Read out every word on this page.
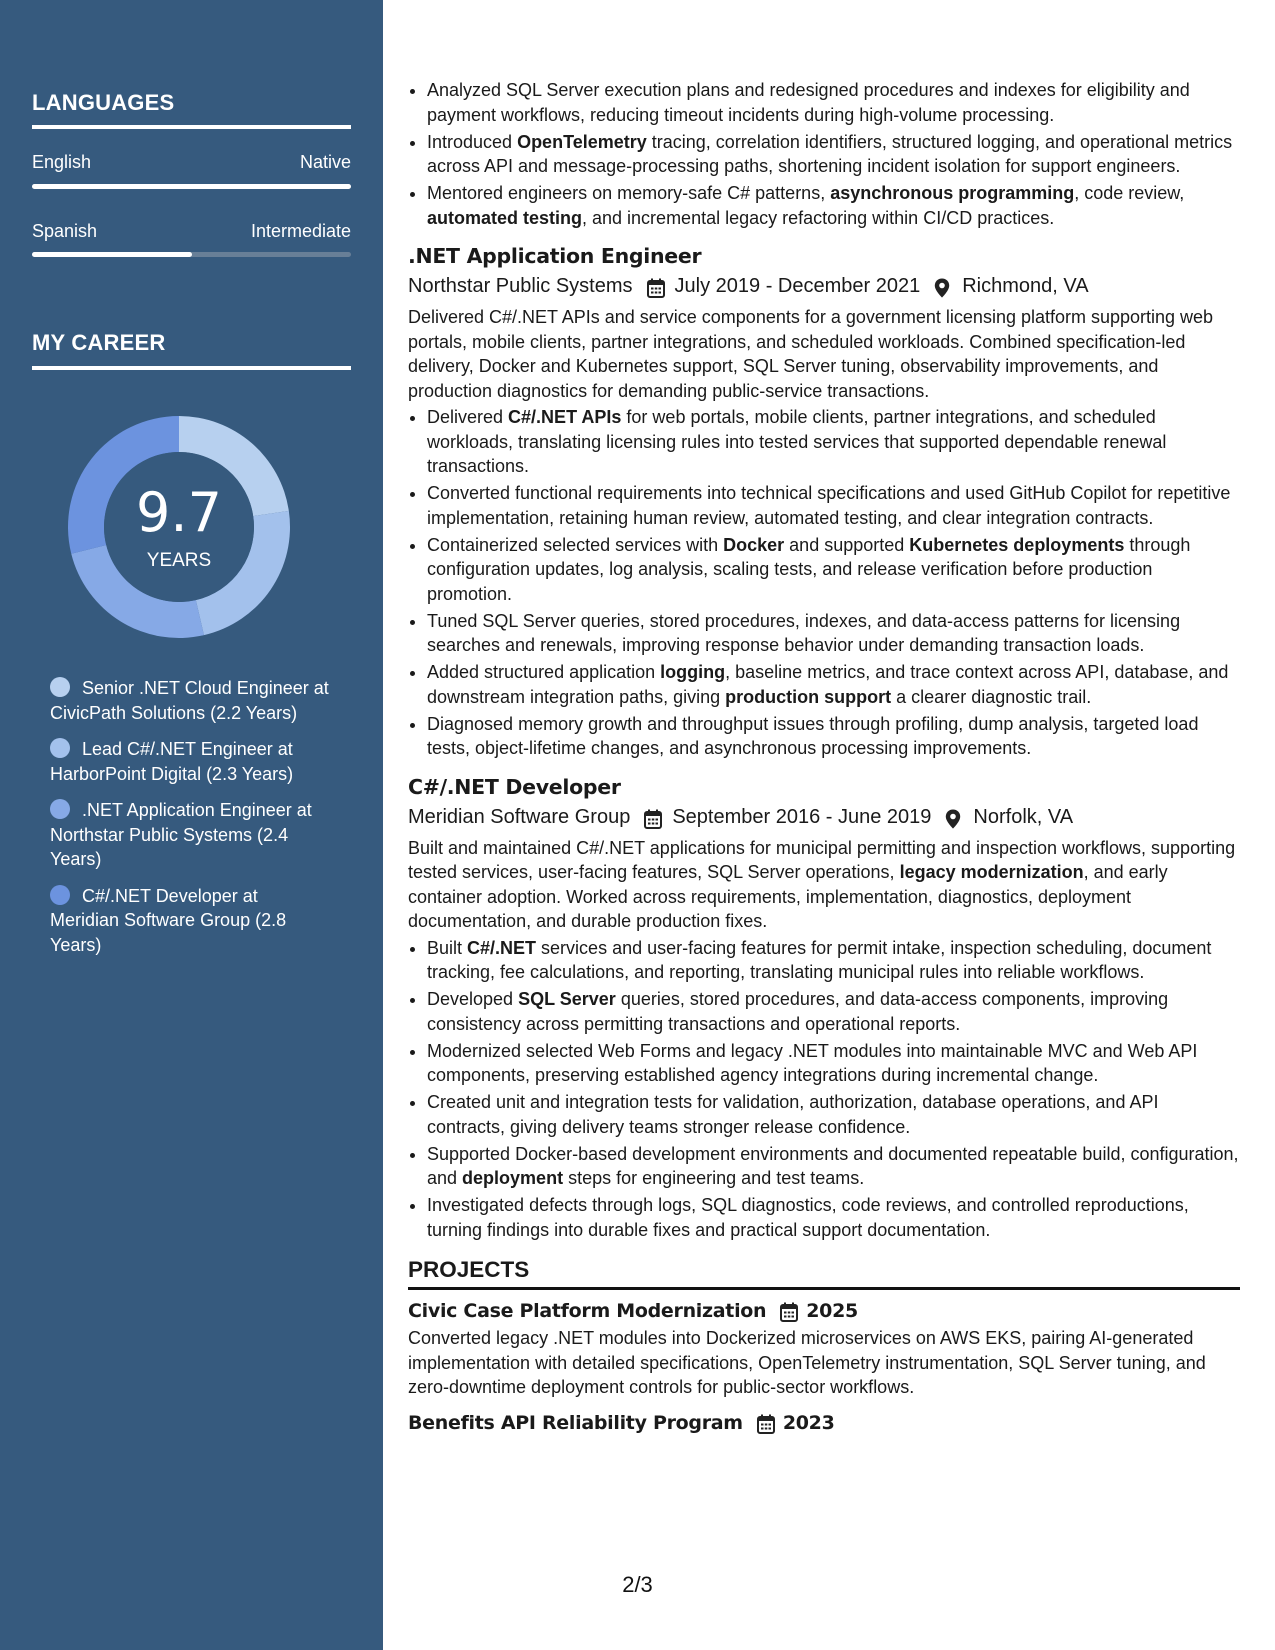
LANGUAGES
English	Native
Spanish	Intermediate
MY CAREER
9.7
YEARS
Senior .NET Cloud Engineer at CivicPath Solutions (2.2 Years)
Lead C#/.NET Engineer at HarborPoint Digital (2.3 Years)
.NET Application Engineer at Northstar Public Systems (2.4 Years)
C#/.NET Developer at Meridian Software Group (2.8 Years)
• Analyzed SQL Server execution plans and redesigned procedures and indexes for eligibility and payment workflows, reducing timeout incidents during high-volume processing.
• Introduced OpenTelemetry tracing, correlation identifiers, structured logging, and operational metrics across API and message-processing paths, shortening incident isolation for support engineers.
• Mentored engineers on memory-safe C# patterns, asynchronous programming, code review, automated testing, and incremental legacy refactoring within CI/CD practices.
.NET Application Engineer
Northstar Public Systems July 2019 - December 2021 Richmond, VA
Delivered C#/.NET APIs and service components for a government licensing platform supporting web portals, mobile clients, partner integrations, and scheduled workloads. Combined specification-led delivery, Docker and Kubernetes support, SQL Server tuning, observability improvements, and production diagnostics for demanding public-service transactions.
• Delivered C#/.NET APIs for web portals, mobile clients, partner integrations, and scheduled workloads, translating licensing rules into tested services that supported dependable renewal transactions.
• Converted functional requirements into technical specifications and used GitHub Copilot for repetitive implementation, retaining human review, automated testing, and clear integration contracts.
• Containerized selected services with Docker and supported Kubernetes deployments through configuration updates, log analysis, scaling tests, and release verification before production promotion.
• Tuned SQL Server queries, stored procedures, indexes, and data-access patterns for licensing searches and renewals, improving response behavior under demanding transaction loads.
• Added structured application logging, baseline metrics, and trace context across API, database, and downstream integration paths, giving production support a clearer diagnostic trail.
• Diagnosed memory growth and throughput issues through profiling, dump analysis, targeted load tests, object-lifetime changes, and asynchronous processing improvements.
C#/.NET Developer
Meridian Software Group September 2016 - June 2019 Norfolk, VA
Built and maintained C#/.NET applications for municipal permitting and inspection workflows, supporting tested services, user-facing features, SQL Server operations, legacy modernization, and early container adoption. Worked across requirements, implementation, diagnostics, deployment documentation, and durable production fixes.
• Built C#/.NET services and user-facing features for permit intake, inspection scheduling, document tracking, fee calculations, and reporting, translating municipal rules into reliable workflows.
• Developed SQL Server queries, stored procedures, and data-access components, improving consistency across permitting transactions and operational reports.
• Modernized selected Web Forms and legacy .NET modules into maintainable MVC and Web API components, preserving established agency integrations during incremental change.
• Created unit and integration tests for validation, authorization, database operations, and API contracts, giving delivery teams stronger release confidence.
• Supported Docker-based development environments and documented repeatable build, configuration, and deployment steps for engineering and test teams.
• Investigated defects through logs, SQL diagnostics, code reviews, and controlled reproductions, turning findings into durable fixes and practical support documentation.
PROJECTS
Civic Case Platform Modernization 2025
Converted legacy .NET modules into Dockerized microservices on AWS EKS, pairing AI-generated implementation with detailed specifications, OpenTelemetry instrumentation, SQL Server tuning, and zero-downtime deployment controls for public-sector workflows.
Benefits API Reliability Program 2023
2/3
